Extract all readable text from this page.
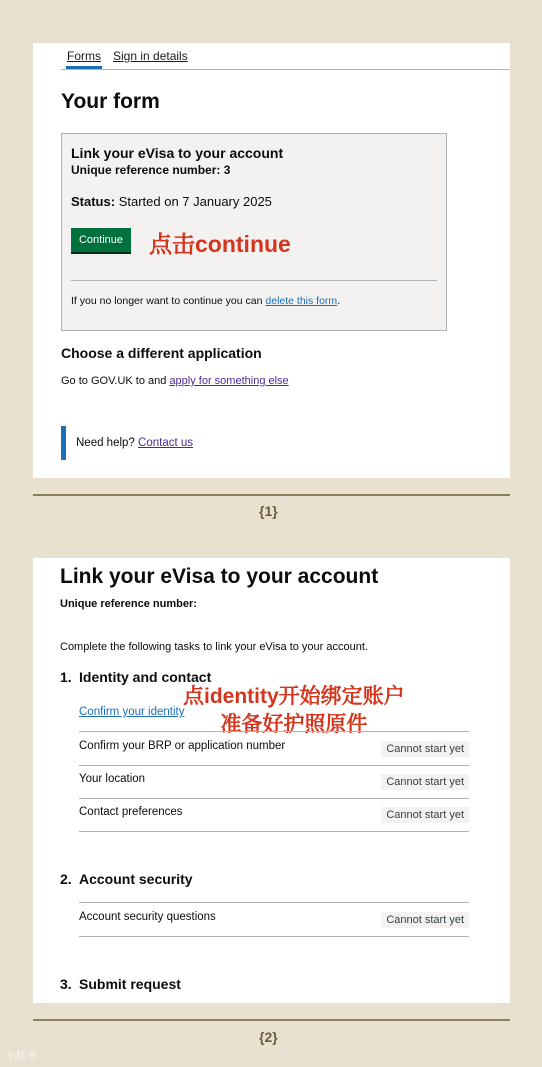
Forms Sign in details
Your form
Link your eVisa to your account
Unique reference number: 3
Status: Started on 7 January 2025
Continue	点击continue
If you no longer want to continue you can delete this form.
Choose a different application
Go to GOV.UK to and apply for something else
Need help? Contact us
{1}
Link your eVisa to your account
Unique reference number:
Complete the following tasks to link your eVisa to your account.
1. Identity and contact
点identity开始绑定账户
准备好护照原件
Confirm your identity
Confirm your BRP or application number	Cannot start yet
Your location	Cannot start yet
Contact preferences	Cannot start yet
2. Account security
Account security questions	Cannot start yet
3. Submit request
{2}
小红书
